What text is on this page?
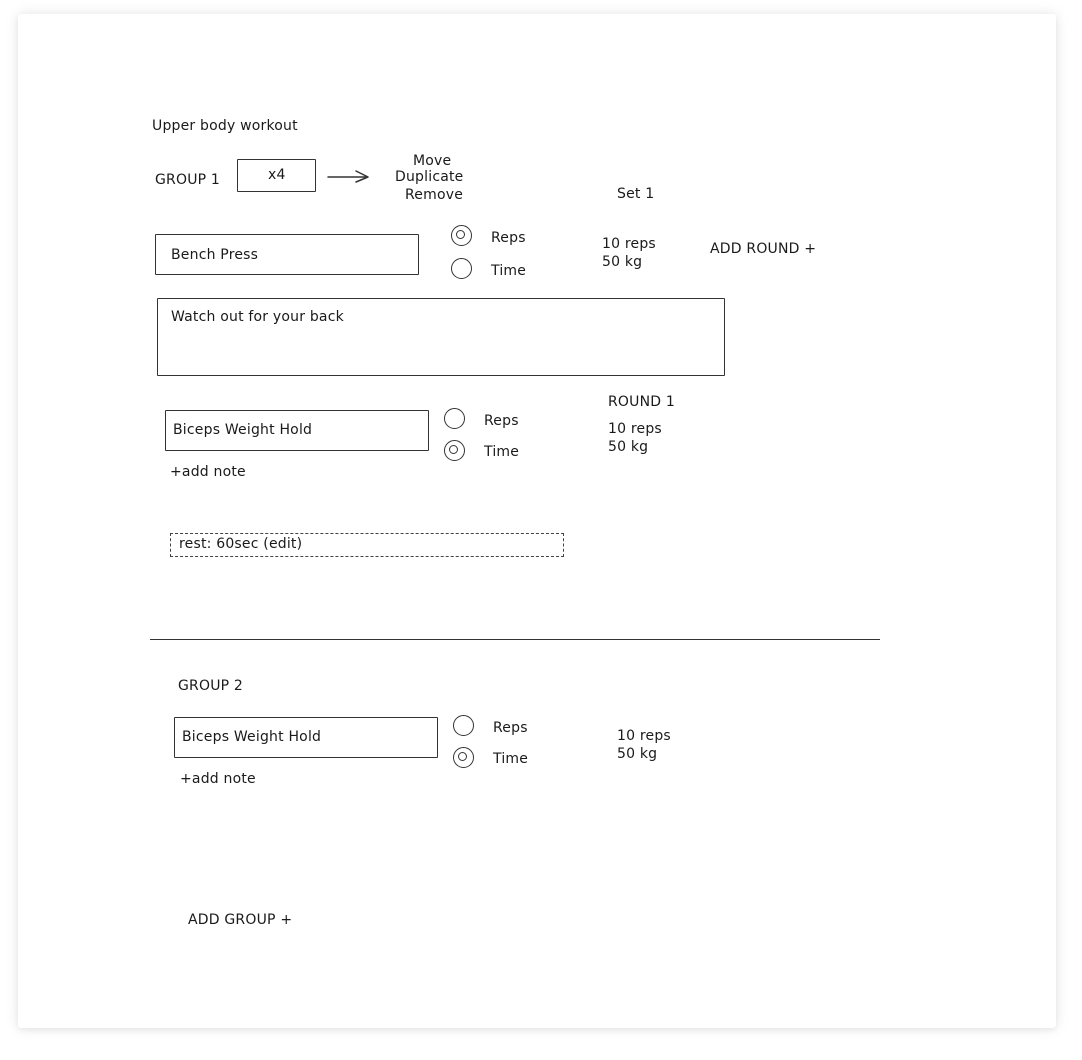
Upper body workout
GROUP 1	x4
Move
Duplicate
Remove	Set 1
Bench Press
Reps
Time
10 reps
50 kg
ADD ROUND +
Watch out for your back
ROUND 1
Biceps Weight Hold
Reps
Time
10 reps
50 kg
+add note
rest: 60sec (edit)
GROUP 2
Biceps Weight Hold
Reps
Time
10 reps
50 kg
+add note
ADD GROUP +
